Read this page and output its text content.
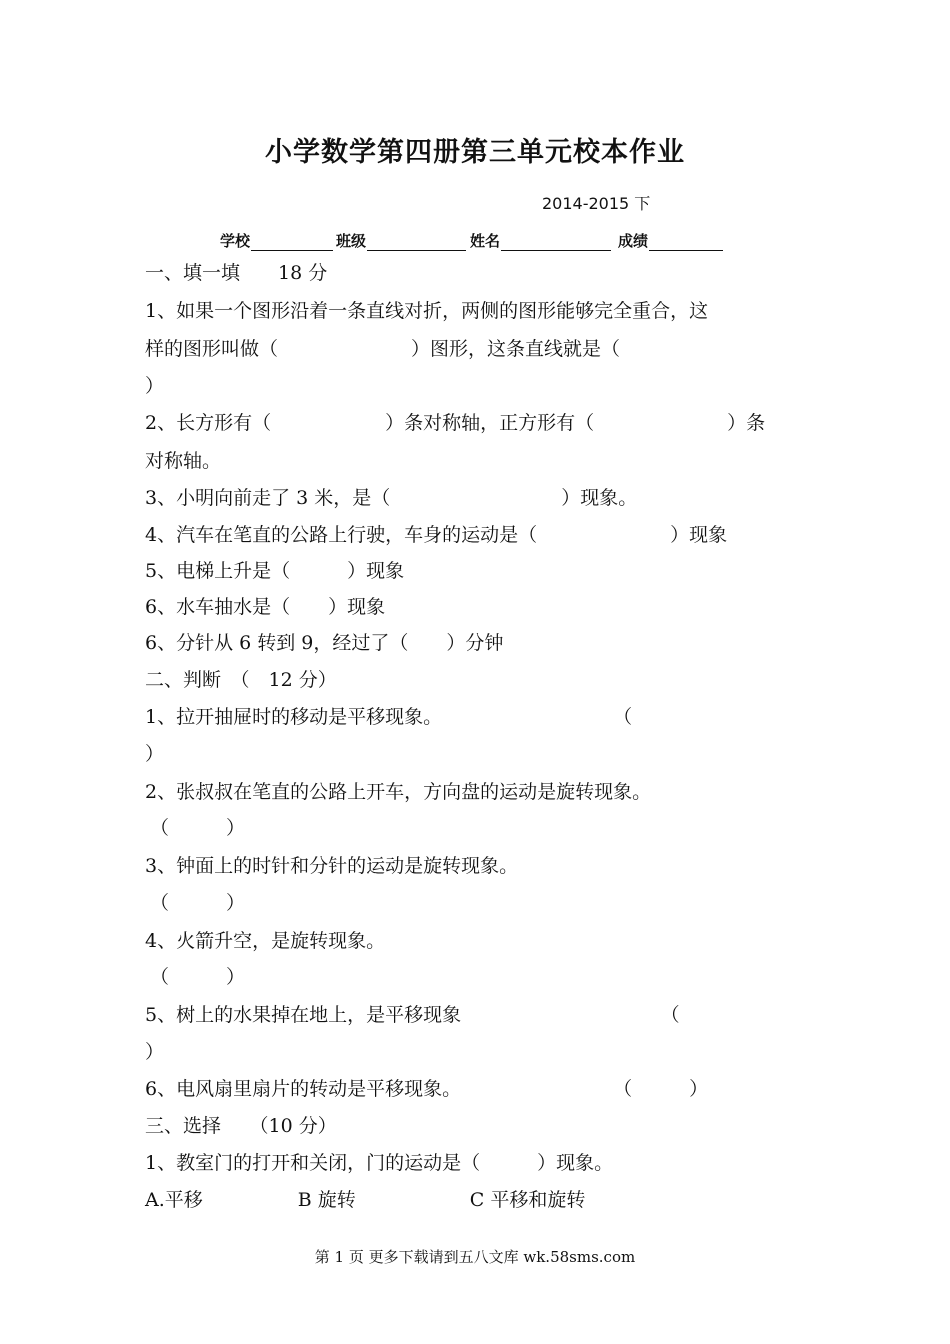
小学数学第四册第三单元校本作业
2014-2015 下
学校	班级	姓名	成绩

一、填一填　　18 分

1、如果一个图形沿着一条直线对折，两侧的图形能够完全重合，这

样的图形叫做（　　　　　　　）图形，这条直线就是（

）

2、长方形有（　　　　　　）条对称轴，正方形有（　　　　　　　）条

对称轴。

3、小明向前走了 3 米，是（　　　　　　　　　）现象。

4、汽车在笔直的公路上行驶，车身的运动是（　　　　　　　）现象

5、电梯上升是（　　　）现象

6、水车抽水是（　　）现象

6、分针从 6 转到 9，经过了（　　）分钟

二、判断　（　12 分）

1、拉开抽屉时的移动是平移现象。　　　　　　　　　　（

）

2、张叔叔在笔直的公路上开车，方向盘的运动是旋转现象。

（　　　）

3、钟面上的时针和分针的运动是旋转现象。

（　　　）

4、火箭升空，是旋转现象。

（　　　）

5、树上的水果掉在地上，是平移现象　　　　　　　　　　　（

）

6、电风扇里扇片的转动是平移现象。　　　　　　　　　（　　　）

三、选择　　（10 分）

1、教室门的打开和关闭，门的运动是（　　　）现象。

A.平移　　　　　B 旋转　　　　　　C 平移和旋转

第 1 页 更多下载请到五八文库 wk.58sms.com
